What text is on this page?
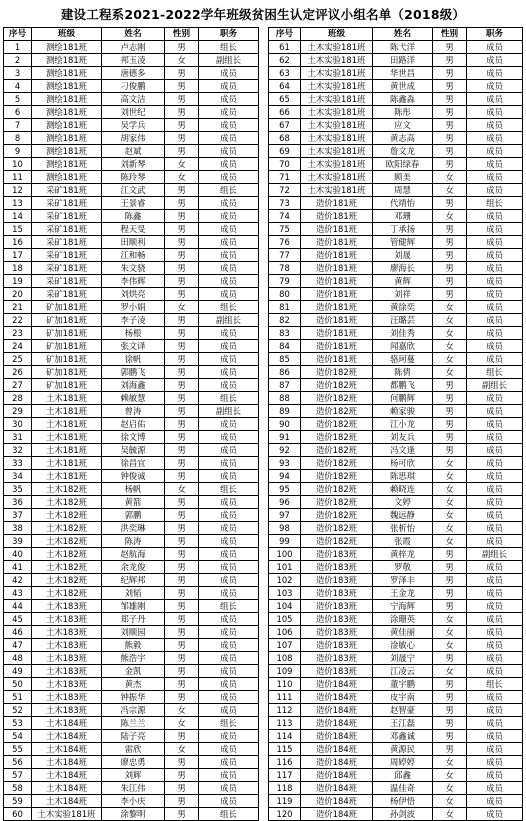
建设工程系2021-2022学年班级贫困生认定评议小组名单（2018级）
序号	班级	姓名	性别	职务
1	测绘181班	卢志刚	男	组长
2	测绘181班	邦玉凌	女	副组长
3	测绘181班	唐德多	男	成员
4	测绘181班	刁俊鹏	男	成员
5	测绘181班	高文洁	男	成员
6	测绘181班	刘世纪	男	成员
7	测绘181班	吴学兵	男	成员
8	测绘181班	胡家伟	男	成员
9	测绘181班	赵斌	男	成员
10	测绘181班	刘新琴	女	成员
11	测绘181班	陈玲琴	女	成员
12	采矿181班	江文武	男	组长
13	采矿181班	王景睿	男	成员
14	采矿181班	陈鑫	男	成员
15	采矿181班	程天旻	男	成员
16	采矿181班	田顺利	男	成员
17	采矿181班	江和畅	男	成员
18	采矿181班	朱文骁	男	成员
19	采矿181班	李伟辉	男	成员
20	采矿181班	刘烘亮	男	成员
21	矿加181班	罗小娟	女	组长
22	矿加181班	李子凌	男	副组长
23	矿加181班	杨根	男	成员
24	矿加181班	张文译	男	成员
25	矿加181班	徐帆	男	成员
26	矿加181班	郭鹏飞	男	成员
27	矿加181班	刘海鑫	男	成员
28	土木181班	赖敏慧	男	组长
29	土木181班	曾涛	男	副组长
30	土木181班	赵启佑	男	成员
31	土木181班	徐文博	男	成员
32	土木181班	吴毓源	男	成员
33	土木181班	徐昌宜	男	成员
34	土木181班	钟俊诚	男	成员
35	土木182班	杨帆	女	组长
36	土木182班	黄箭	男	成员
37	土木182班	郭鹏	男	成员
38	土木182班	洪奕琳	男	成员
39	土木182班	陈涛	男	成员
40	土木182班	赵航海	男	成员
41	土木182班	余龙俊	男	成员
42	土木182班	纪辉邦	男	成员
43	土木182班	刘韬	男	成员
44	土木183班	邹雄刚	男	组长
45	土木183班	郑子丹	男	成员
46	土木183班	刘顺园	男	成员
47	土木183班	熊毅	男	成员
48	土木183班	熊浩宇	男	成员
49	土木183班	金凯	男	成员
50	土木183班	黄杰	男	成员
51	土木183班	钟振华	男	成员
52	土木183班	冯宗源	女	成员
53	土木184班	陈兰兰	女	组长
54	土木184班	陆子亮	男	成员
55	土木184班	雷欣	女	成员
56	土木184班	廖忠勇	男	成员
57	土木184班	刘辉	男	成员
58	土木184班	朱江伟	男	成员
59	土木184班	李小庆	男	成员
60	土木实验181班	涂黎明	男	组长
序号	班级	姓名	性别	职务
61	土木实验181班	陈弋洋	男	成员
62	土木实验181班	田路洋	男	成员
63	土木实验181班	华世昌	男	成员
64	土木实验181班	黄世成	男	成员
65	土木实验181班	陈鑫淼	男	成员
66	土木实验181班	陈彤	男	成员
67	土木实验181班	应文	男	成员
68	土木实验181班	黄志高	男	成员
69	土木实验181班	詹文龙	男	成员
70	土木实验181班	欧阳绿春	男	成员
71	土木实验181班	顾美	女	成员
72	土木实验181班	周慧	女	成员
73	造价181班	代靖怡	男	组长
74	造价181班	邓珊	女	成员
75	造价181班	丁承扬	男	成员
76	造价181班	管健辉	男	成员
77	造价181班	刘晟	男	成员
78	造价181班	廖海长	男	成员
79	造价181班	黄辉	男	成员
80	造价181班	刘祥	男	成员
81	造价181班	黄徐奕	女	成员
82	造价181班	汪璐芸	女	成员
83	造价181班	刘佳秀	女	成员
84	造价181班	闻嘉欣	女	成员
85	造价181班	骆珂蔓	女	成员
86	造价182班	陈倩	女	组长
87	造价182班	都鹏飞	男	副组长
88	造价182班	何鹏辉	男	成员
89	造价182班	赖家骏	男	成员
90	造价182班	江小龙	男	成员
91	造价182班	刘友兵	男	成员
92	造价182班	冯文逢	男	成员
93	造价182班	杨可欣	女	成员
94	造价182班	陈思琪	女	成员
95	造价182班	赖晓连	女	成员
96	造价182班	文婷	女	成员
97	造价182班	魏远静	女	成员
98	造价182班	张析怡	女	成员
99	造价182班	张霞	女	成员
100	造价183班	黄梓龙	男	副组长
101	造价183班	罗敬	男	成员
102	造价183班	罗泽丰	男	成员
103	造价183班	王金龙	男	成员
104	造价183班	宁海辉	男	成员
105	造价183班	涂珊英	女	成员
106	造价183班	黄佳丽	女	成员
107	造价183班	淦敏心	女	成员
108	造价183班	刘晟宁	男	成员
109	造价183班	江凌云	女	成员
110	造价184班	董宇鹏	男	组长
111	造价184班	皮宇南	男	成员
112	造价184班	赵智豪	男	成员
113	造价184班	王江磊	男	成员
114	造价184班	邓鑫诚	男	成员
115	造价184班	黄源民	男	成员
116	造价184班	周婷婷	女	成员
117	造价184班	邱鑫	女	成员
118	造价184班	温佳奇	女	成员
119	造价184班	杨伊悟	女	成员
120	造价184班	孙剑波	女	成员
